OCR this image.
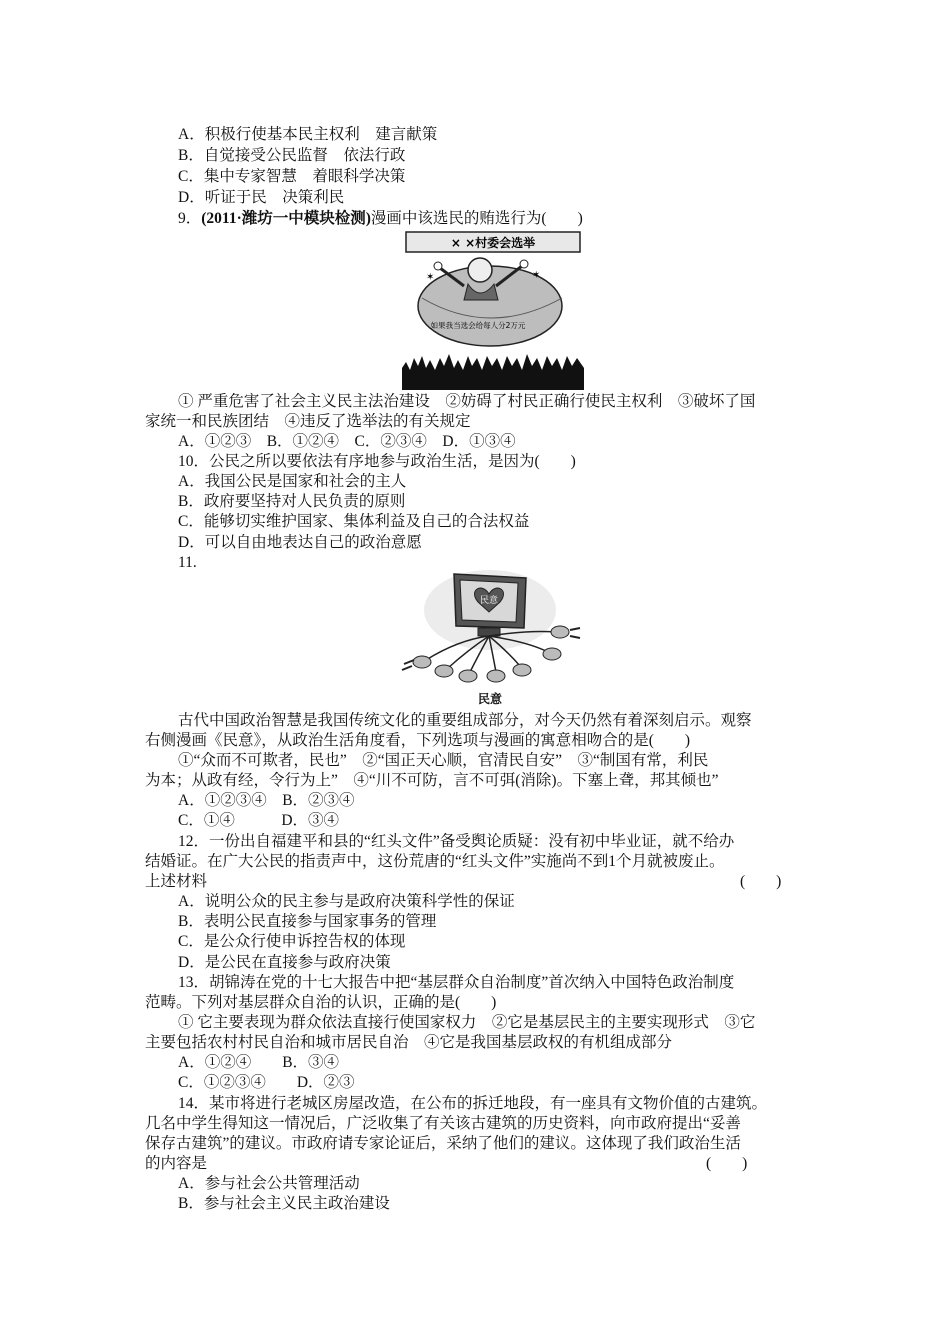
A．积极行使基本民主权利　建言献策
B．自觉接受公民监督　依法行政
C．集中专家智慧　着眼科学决策
D．听证于民　决策利民
9．(2011·潍坊一中模块检测)漫画中该选民的贿选行为(　　)
× ×村委会选举
✶
✶
如果我当选会给每人分2万元
① 严重危害了社会主义民主法治建设　②妨碍了村民正确行使民主权利　③破坏了国
家统一和民族团结　④违反了选举法的有关规定
A．①②③　B．①②④　C．②③④　D．①③④
10．公民之所以要依法有序地参与政治生活，是因为(　　)
A．我国公民是国家和社会的主人
B．政府要坚持对人民负责的原则
C．能够切实维护国家、集体利益及自己的合法权益
D．可以自由地表达自己的政治意愿
11.
民意
民意
古代中国政治智慧是我国传统文化的重要组成部分，对今天仍然有着深刻启示。观察
右侧漫画《民意》，从政治生活角度看，下列选项与漫画的寓意相吻合的是(　　)
①“众而不可欺者，民也”　②“国正天心顺，官清民自安”　③“制国有常，利民
为本；从政有经，令行为上”　④“川不可防，言不可弭(消除)。下塞上聋，邦其倾也”
A．①②③④　B．②③④
C．①④　　　D．③④
12．一份出自福建平和县的“红头文件”备受舆论质疑：没有初中毕业证，就不给办
结婚证。在广大公民的指责声中，这份荒唐的“红头文件”实施尚不到1个月就被废止。
上述材料	(　　)
A．说明公众的民主参与是政府决策科学性的保证
B．表明公民直接参与国家事务的管理
C．是公众行使申诉控告权的体现
D．是公民在直接参与政府决策
13．胡锦涛在党的十七大报告中把“基层群众自治制度”首次纳入中国特色政治制度
范畴。下列对基层群众自治的认识，正确的是(　　)
① 它主要表现为群众依法直接行使国家权力　②它是基层民主的主要实现形式　③它
主要包括农村村民自治和城市居民自治　④它是我国基层政权的有机组成部分
A．①②④　　B．③④
C．①②③④　　D．②③
14．某市将进行老城区房屋改造，在公布的拆迁地段，有一座具有文物价值的古建筑。
几名中学生得知这一情况后，广泛收集了有关该古建筑的历史资料，向市政府提出“妥善
保存古建筑”的建议。市政府请专家论证后，采纳了他们的建议。这体现了我们政治生活
的内容是	(　　)
A．参与社会公共管理活动
B．参与社会主义民主政治建设
